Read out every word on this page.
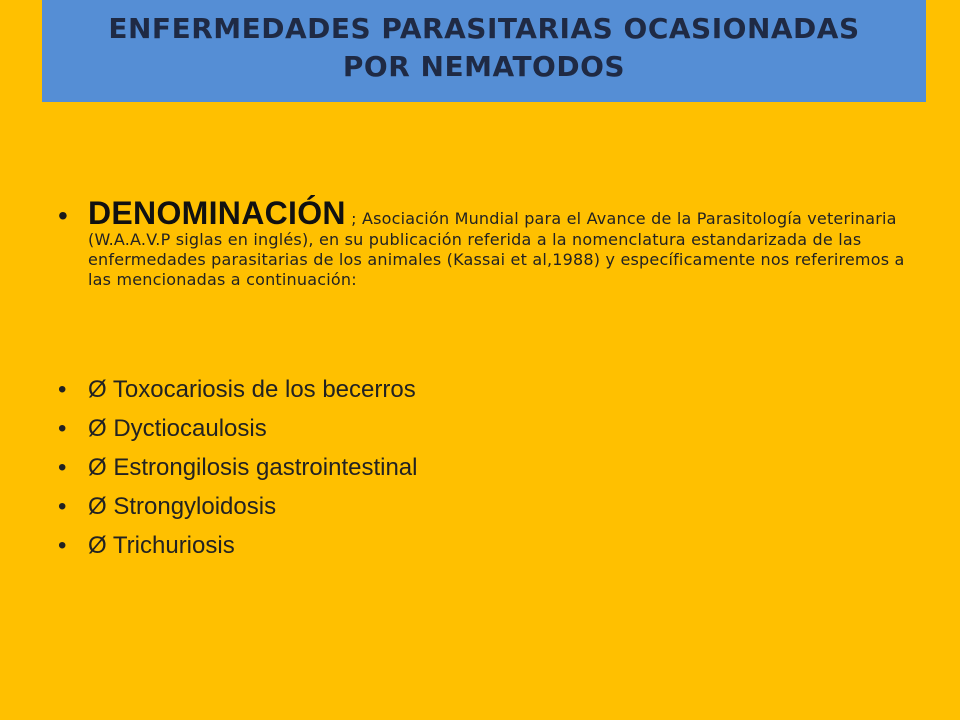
ENFERMEDADES PARASITARIAS OCASIONADAS
POR NEMATODOS
• DENOMINACIÓN ; Asociación Mundial para el Avance de la Parasitología veterinaria (W.A.A.V.P siglas en inglés), en su publicación referida a la nomenclatura estandarizada de las enfermedades parasitarias de los animales (Kassai et al,1988) y específicamente nos referiremos a las mencionadas a continuación:
• Ø Toxocariosis de los becerros
• Ø Dyctiocaulosis
• Ø Estrongilosis gastrointestinal
• Ø Strongyloidosis
• Ø Trichuriosis
